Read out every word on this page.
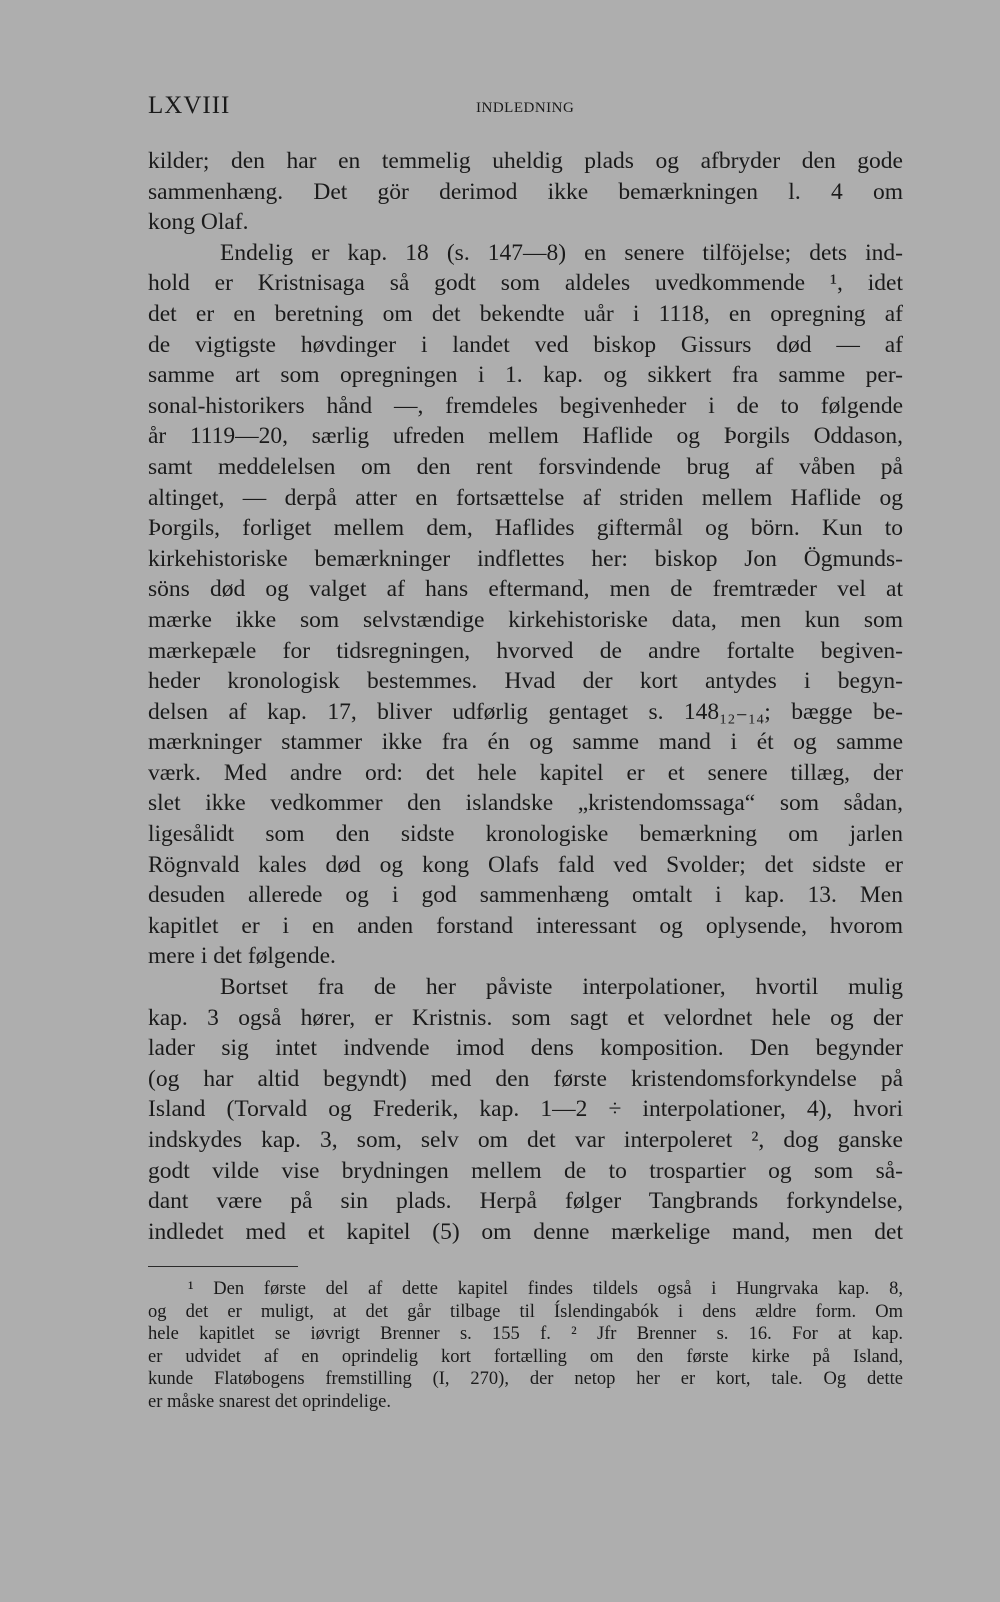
LXVIII	INDLEDNING
kilder; den har en temmelig uheldig plads og afbryder den gode
sammenhæng. Det gör derimod ikke bemærkningen l. 4 om
kong Olaf.
Endelig er kap. 18 (s. 147—8) en senere tilföjelse; dets ind-
hold er Kristnisaga så godt som aldeles uvedkommende ¹, idet
det er en beretning om det bekendte uår i 1118, en opregning af
de vigtigste høvdinger i landet ved biskop Gissurs død — af
samme art som opregningen i 1. kap. og sikkert fra samme per-
sonal-historikers hånd —, fremdeles begivenheder i de to følgende
år 1119—20, særlig ufreden mellem Haflide og Þorgils Oddason,
samt meddelelsen om den rent forsvindende brug af våben på
altinget, — derpå atter en fortsættelse af striden mellem Haflide og
Þorgils, forliget mellem dem, Haflides giftermål og börn. Kun to
kirkehistoriske bemærkninger indflettes her: biskop Jon Ögmunds-
söns død og valget af hans eftermand, men de fremtræder vel at
mærke ikke som selvstændige kirkehistoriske data, men kun som
mærkepæle for tidsregningen, hvorved de andre fortalte begiven-
heder kronologisk bestemmes. Hvad der kort antydes i begyn-
delsen af kap. 17, bliver udførlig gentaget s. 148₁₂₋₁₄; bægge be-
mærkninger stammer ikke fra én og samme mand i ét og samme
værk. Med andre ord: det hele kapitel er et senere tillæg, der
slet ikke vedkommer den islandske „kristendomssaga“ som sådan,
ligesålidt som den sidste kronologiske bemærkning om jarlen
Rögnvald kales død og kong Olafs fald ved Svolder; det sidste er
desuden allerede og i god sammenhæng omtalt i kap. 13. Men
kapitlet er i en anden forstand interessant og oplysende, hvorom
mere i det følgende.
Bortset fra de her påviste interpolationer, hvortil mulig
kap. 3 også hører, er Kristnis. som sagt et velordnet hele og der
lader sig intet indvende imod dens komposition. Den begynder
(og har altid begyndt) med den første kristendomsforkyndelse på
Island (Torvald og Frederik, kap. 1—2 ÷ interpolationer, 4), hvori
indskydes kap. 3, som, selv om det var interpoleret ², dog ganske
godt vilde vise brydningen mellem de to trospartier og som så-
dant være på sin plads. Herpå følger Tangbrands forkyndelse,
indledet med et kapitel (5) om denne mærkelige mand, men det
¹ Den første del af dette kapitel findes tildels også i Hungrvaka kap. 8,
og det er muligt, at det går tilbage til Íslendingabók i dens ældre form. Om
hele kapitlet se iøvrigt Brenner s. 155 f. ² Jfr Brenner s. 16. For at kap.
er udvidet af en oprindelig kort fortælling om den første kirke på Island,
kunde Flatøbogens fremstilling (I, 270), der netop her er kort, tale. Og dette
er måske snarest det oprindelige.
